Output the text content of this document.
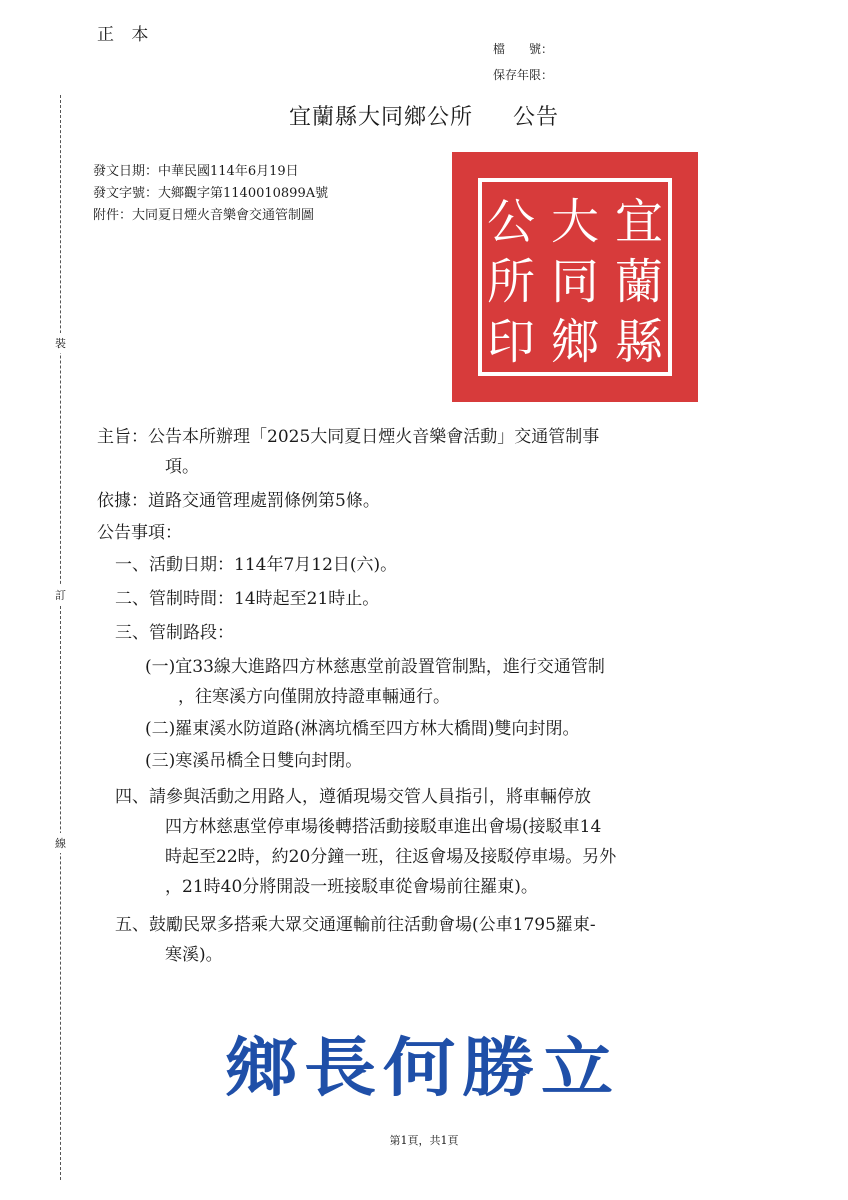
正 本
檔　　號：
保存年限：
裝
訂
線
宜蘭縣大同鄉公所 公告
發文日期：中華民國114年6月19日
發文字號：大鄉觀字第1140010899A號
附件：大同夏日煙火音樂會交通管制圖	宜
蘭
縣
大
同
鄉
公
所
印
主旨：公告本所辦理「2025大同夏日煙火音樂會活動」交通管制事
項。
依據：道路交通管理處罰條例第5條。
公告事項：
一、活動日期：114年7月12日(六)。
二、管制時間：14時起至21時止。
三、管制路段：
(一)宜33線大進路四方林慈惠堂前設置管制點，進行交通管制
，往寒溪方向僅開放持證車輛通行。
(二)羅東溪水防道路(淋漓坑橋至四方林大橋間)雙向封閉。
(三)寒溪吊橋全日雙向封閉。
四、請參與活動之用路人，遵循現場交管人員指引，將車輛停放
四方林慈惠堂停車場後轉搭活動接駁車進出會場(接駁車14
時起至22時，約20分鐘一班，往返會場及接駁停車場。另外
，21時40分將開設一班接駁車從會場前往羅東)。
五、鼓勵民眾多搭乘大眾交通運輸前往活動會場(公車1795羅東-
寒溪)。
鄉長何勝立
第1頁，共1頁
